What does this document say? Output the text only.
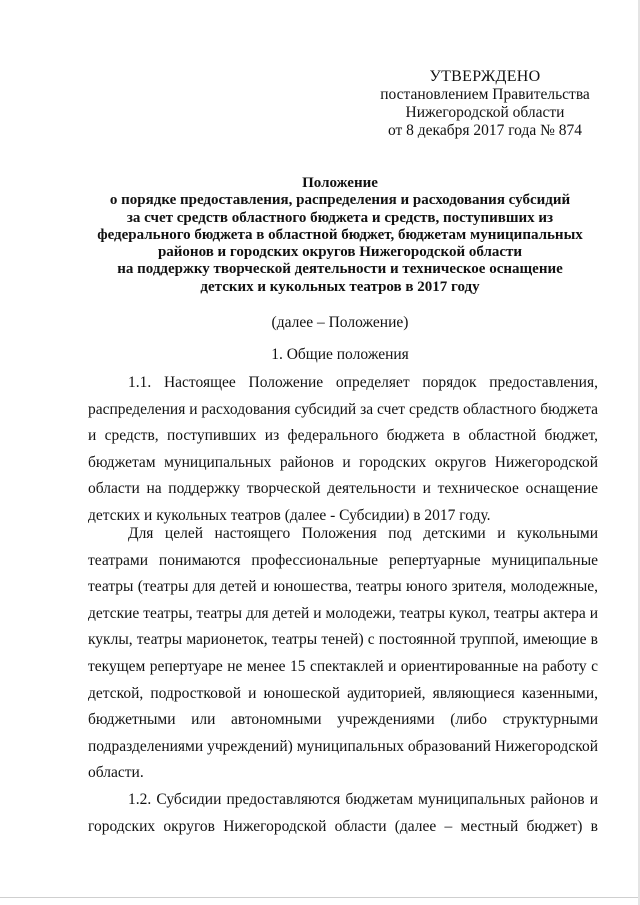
УТВЕРЖДЕНО
постановлением Правительства
Нижегородской области
от 8 декабря 2017 года № 874
Положение
о порядке предоставления, распределения и расходования субсидий
за счет средств областного бюджета и средств, поступивших из
федерального бюджета в областной бюджет, бюджетам муниципальных
районов и городских округов Нижегородской области
на поддержку творческой деятельности и техническое оснащение
детских и кукольных театров в 2017 году
(далее – Положение)
1. Общие положения
1.1. Настоящее Положение определяет порядок предоставления,
распределения и расходования субсидий за счет средств областного бюджета
и средств, поступивших из федерального бюджета в областной бюджет,
бюджетам муниципальных районов и городских округов Нижегородской
области на поддержку творческой деятельности и техническое оснащение
детских и кукольных театров (далее - Субсидии) в 2017 году.
Для целей настоящего Положения под детскими и кукольными
театрами понимаются профессиональные репертуарные муниципальные
театры (театры для детей и юношества, театры юного зрителя, молодежные,
детские театры, театры для детей и молодежи, театры кукол, театры актера и
куклы, театры марионеток, театры теней) с постоянной труппой, имеющие в
текущем репертуаре не менее 15 спектаклей и ориентированные на работу с
детской, подростковой и юношеской аудиторией, являющиеся казенными,
бюджетными или автономными учреждениями (либо структурными
подразделениями учреждений) муниципальных образований Нижегородской
области.
1.2. Субсидии предоставляются бюджетам муниципальных районов и
городских округов Нижегородской области (далее – местный бюджет) в
